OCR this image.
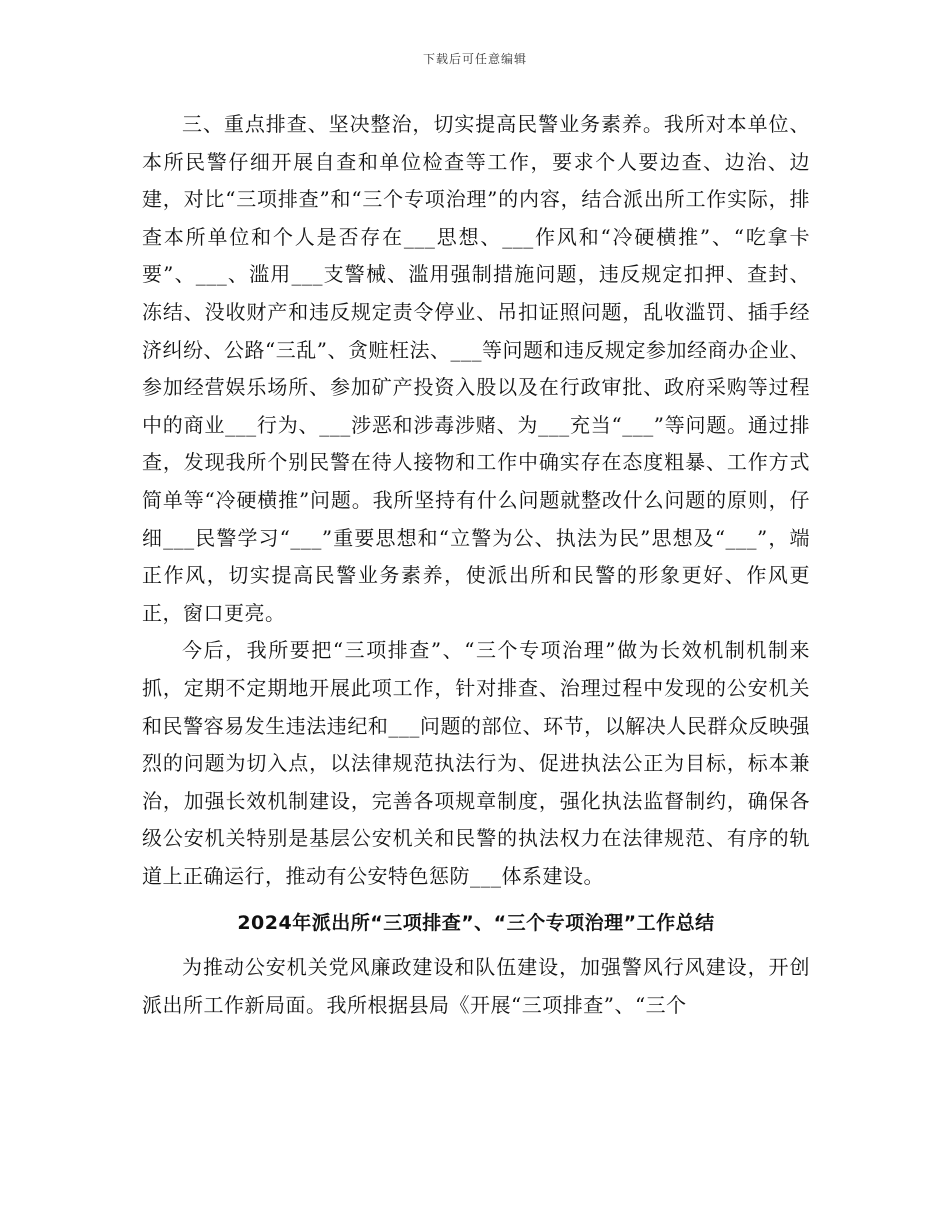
下载后可任意编辑

三、重点排查、坚决整治，切实提高民警业务素养。我所对本单位、本所民警仔细开展自查和单位检查等工作，要求个人要边查、边治、边建，对比“三项排查”和“三个专项治理”的内容，结合派出所工作实际，排查本所单位和个人是否存在___思想、___作风和“冷硬横推”、“吃拿卡要”、___、滥用___支警械、滥用强制措施问题，违反规定扣押、查封、冻结、没收财产和违反规定责令停业、吊扣证照问题，乱收滥罚、插手经济纠纷、公路“三乱”、贪赃枉法、___等问题和违反规定参加经商办企业、参加经营娱乐场所、参加矿产投资入股以及在行政审批、政府采购等过程中的商业___行为、___涉恶和涉毒涉赌、为___充当“___”等问题。通过排查，发现我所个别民警在待人接物和工作中确实存在态度粗暴、工作方式简单等“冷硬横推”问题。我所坚持有什么问题就整改什么问题的原则，仔细___民警学习“___”重要思想和“立警为公、执法为民”思想及“___”，端正作风，切实提高民警业务素养，使派出所和民警的形象更好、作风更正，窗口更亮。

今后，我所要把“三项排查”、“三个专项治理”做为长效机制机制来抓，定期不定期地开展此项工作，针对排查、治理过程中发现的公安机关和民警容易发生违法违纪和___问题的部位、环节，以解决人民群众反映强烈的问题为切入点，以法律规范执法行为、促进执法公正为目标，标本兼治，加强长效机制建设，完善各项规章制度，强化执法监督制约，确保各级公安机关特别是基层公安机关和民警的执法权力在法律规范、有序的轨道上正确运行，推动有公安特色惩防___体系建设。

2024年派出所“三项排查”、“三个专项治理”工作总结

为推动公安机关党风廉政建设和队伍建设，加强警风行风建设，开创派出所工作新局面。我所根据县局《开展“三项排查”、“三个
